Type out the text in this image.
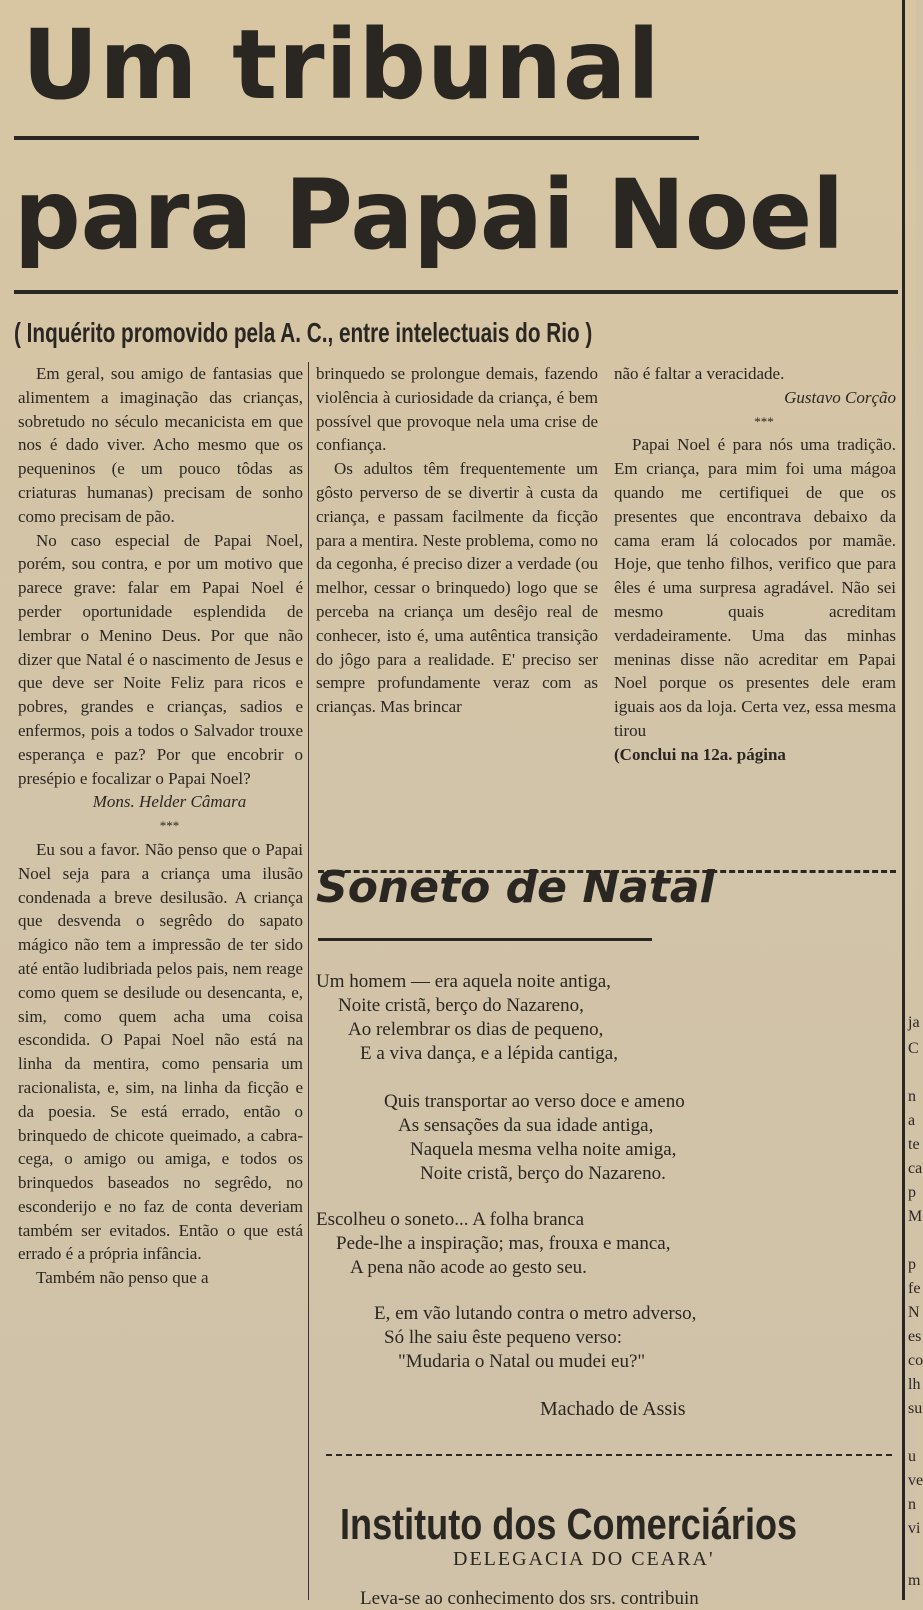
Um tribunal
para Papai Noel
( Inquérito promovido pela A. C., entre intelectuais do Rio )

Em geral, sou amigo de fantasias que alimentem a imaginação das crianças, sobretudo no século mecanicista em que nos é dado viver. Acho mesmo que os pequeninos (e um pouco tôdas as criaturas humanas) precisam de sonho como precisam de pão.

No caso especial de Papai Noel, porém, sou contra, e por um motivo que parece grave: falar em Papai Noel é perder oportunidade esplendida de lembrar o Menino Deus. Por que não dizer que Natal é o nascimento de Jesus e que deve ser Noite Feliz para ricos e pobres, grandes e crianças, sadios e enfermos, pois a todos o Salvador trouxe esperança e paz? Por que encobrir o presépio e focalizar o Papai Noel?

Mons. Helder Câmara

***

Eu sou a favor. Não penso que o Papai Noel seja para a criança uma ilusão condenada a breve desilusão. A criança que desvenda o segrêdo do sapato mágico não tem a impressão de ter sido até então ludibriada pelos pais, nem reage como quem se desilude ou desencanta, e, sim, como quem acha uma coisa escondida. O Papai Noel não está na linha da mentira, como pensaria um racionalista, e, sim, na linha da ficção e da poesia. Se está errado, então o brinquedo de chicote queimado, a cabra-cega, o amigo ou amiga, e todos os brinquedos baseados no segrêdo, no esconderijo e no faz de conta deveriam também ser evitados. Então o que está errado é a própria infância.

Também não penso que a

brinquedo se prolongue demais, fazendo violência à curiosidade da criança, é bem possível que provoque nela uma crise de confiança.

Os adultos têm frequentemente um gôsto perverso de se divertir à custa da criança, e passam facilmente da ficção para a mentira. Neste problema, como no da cegonha, é preciso dizer a verdade (ou melhor, cessar o brinquedo) logo que se perceba na criança um desêjo real de conhecer, isto é, uma autêntica transição do jôgo para a realidade. E' preciso ser sempre profundamente veraz com as crianças. Mas brincar

não é faltar a veracidade.

Gustavo Corção

***

Papai Noel é para nós uma tradição. Em criança, para mim foi uma mágoa quando me certifiquei de que os presentes que encontrava debaixo da cama eram lá colocados por mamãe. Hoje, que tenho filhos, verifico que para êles é uma surpresa agradável. Não sei mesmo quais acreditam verdadeiramente. Uma das minhas meninas disse não acreditar em Papai Noel porque os presentes dele eram iguais aos da loja. Certa vez, essa mesma tirou

(Conclui na 12a. página

Soneto de Natal

Um homem — era aquela noite antiga,

Noite cristã, berço do Nazareno,

Ao relembrar os dias de pequeno,

E a viva dança, e a lépida cantiga,

Quis transportar ao verso doce e ameno

As sensações da sua idade antiga,

Naquela mesma velha noite amiga,

Noite cristã, berço do Nazareno.

Escolheu o soneto... A folha branca

Pede-lhe a inspiração; mas, frouxa e manca,

A pena não acode ao gesto seu.

E, em vão lutando contra o metro adverso,

Só lhe saiu êste pequeno verso:

"Mudaria o Natal ou mudei eu?"

Machado de Assis

Instituto dos Comerciários

DELEGACIA DO CEARA'

Leva-se ao conhecimento dos srs. contribuin

ja
C
n
a
te
ca
p
M
p
fe
N
es
co
lh
su
u
ve
n
vi
m
